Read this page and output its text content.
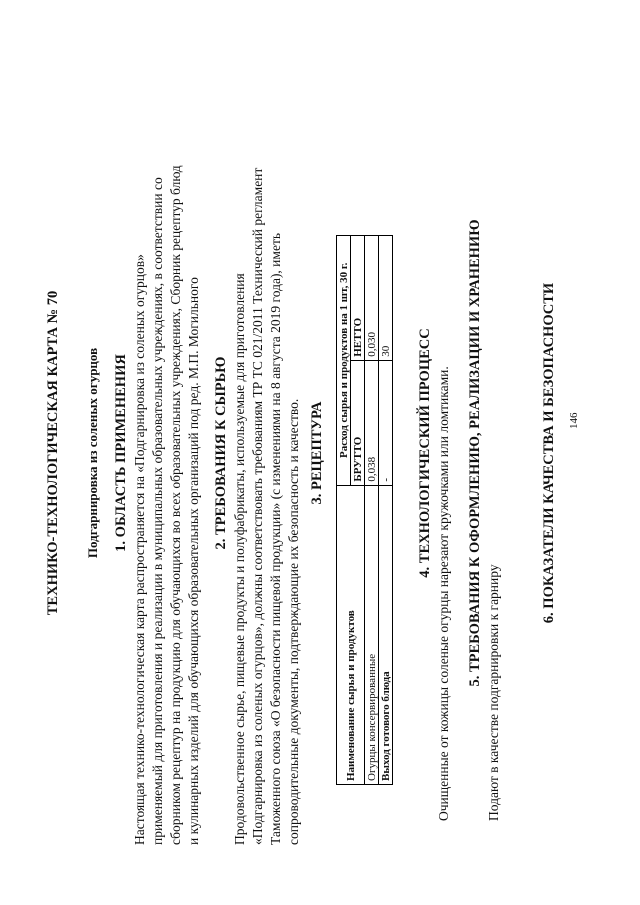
ТЕХНИКО-ТЕХНОЛОГИЧЕСКАЯ КАРТА № 70 Подгарнировка из соленых огурцов 1. ОБЛАСТЬ ПРИМЕНЕНИЯ Настоящая технико-технологическая карта распространяется на «Подгарнировка из соленых огурцов» применяемый для приготовления и реализации в муниципальных образовательных учреждениях, в соответствии со сборником рецептур на продукцию для обучающихся во всех образовательных учреждениях, Сборник рецептур блюд и кулинарных изделий для обучающихся образовательных организаций под ред. М.П. Могильного 2. ТРЕБОВАНИЯ К СЫРЬЮ Продовольственное сырье, пищевые продукты и полуфабрикаты, используемые для приготовления «Подгарнировка из соленых огурцов», должны соответствовать требованиям ТР ТС 021/2011 Технический регламент Таможенного союза «О безопасности пищевой продукции» (с изменениями на 8 августа 2019 года), иметь сопроводительные документы, подтверждающие их безопасность и качество. 3. РЕЦЕПТУРА
Наименование сырья и продуктов	Расход сырья и продуктов на 1 шт, 30 г.	
	БРУТТО	НЕТТО
Огурцы консервированные	0,038	0,030
Выход готового блюда	-	30 4. ТЕХНОЛОГИЧЕСКИЙ ПРОЦЕСС Очищенные от кожицы соленые огурцы нарезают кружочками или ломтиками. 5. ТРЕБОВАНИЯ К ОФОРМЛЕНИЮ, РЕАЛИЗАЦИИ И ХРАНЕНИЮ
Подают в качестве подгарнировки к гарниру
146
6. ПОКАЗАТЕЛИ КАЧЕСТВА И БЕЗОПАСНОСТИ
